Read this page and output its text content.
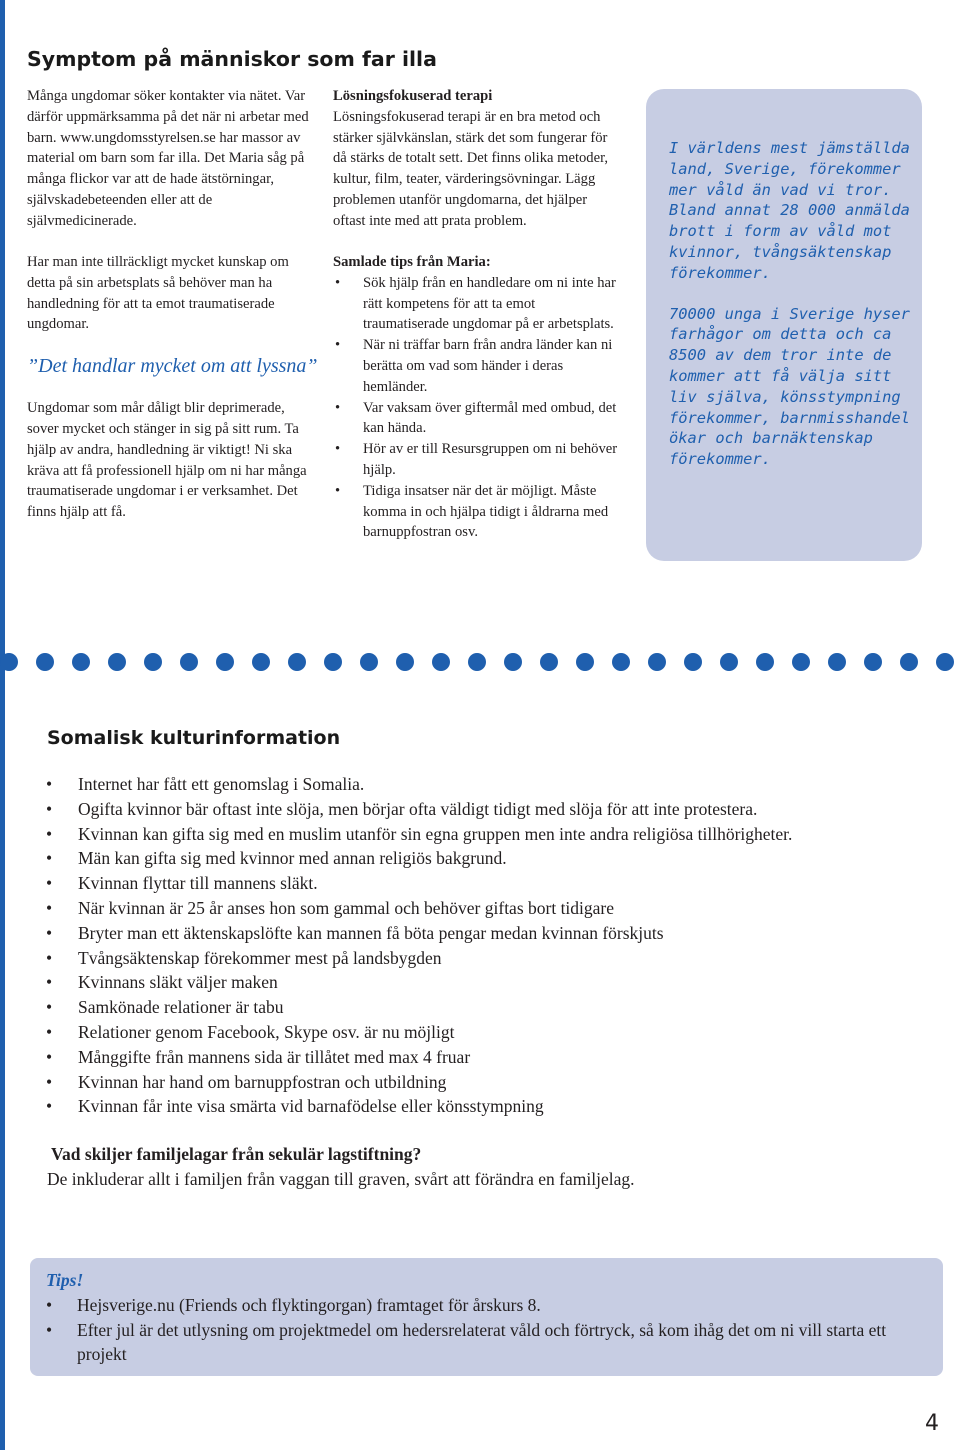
Symptom på människor som far illa

Många ungdomar söker kontakter via nätet. Var därför uppmärksamma på det när ni arbetar med barn. www.ungdomsstyrelsen.se har massor av material om barn som far illa. Det Maria såg på många flickor var att de hade ätstörningar, självskadebeteenden eller att de självmedicinerade.

Har man inte tillräckligt mycket kunskap om detta på sin arbetsplats så behöver man ha handledning för att ta emot traumatiserade ungdomar.

”Det handlar mycket om att lyssna”

Ungdomar som mår dåligt blir deprimerade, sover mycket och stänger in sig på sitt rum. Ta hjälp av andra, handledning är viktigt! Ni ska kräva att få professionell hjälp om ni har många traumatiserade ungdomar i er verksamhet. Det finns hjälp att få.

Lösningsfokuserad terapi

Lösningsfokuserad terapi är en bra metod och stärker självkänslan, stärk det som fungerar för då stärks de totalt sett. Det finns olika metoder, kultur, film, teater, värderingsövningar. Lägg problemen utanför ungdomarna, det hjälper oftast inte med att prata problem.

Samlade tips från Maria:

• Sök hjälp från en handledare om ni inte har rätt kompetens för att ta emot traumatiserade ungdomar på er arbetsplats.
• När ni träffar barn från andra länder kan ni berätta om vad som händer i deras hemländer.
• Var vaksam över giftermål med ombud, det kan hända.
• Hör av er till Resursgruppen om ni behöver hjälp.
• Tidiga insatser när det är möjligt. Måste komma in och hjälpa tidigt i åldrarna med barnuppfostran osv.

I världens mest jämställda land, Sverige, förekommer mer våld än vad vi tror. Bland annat 28 000 anmälda brott i form av våld mot kvinnor, tvångsäktenskap förekommer.

70000 unga i Sverige hyser farhågor om detta och ca 8500 av dem tror inte de kommer att få välja sitt liv själva, könsstympning förekommer, barnmisshandel ökar och barnäktenskap förekommer.

Somalisk kulturinformation
• Internet har fått ett genomslag i Somalia.
• Ogifta kvinnor bär oftast inte slöja, men börjar ofta väldigt tidigt med slöja för att inte protestera.
• Kvinnan kan gifta sig med en muslim utanför sin egna gruppen men inte andra religiösa tillhörigheter.
• Män kan gifta sig med kvinnor med annan religiös bakgrund.
• Kvinnan flyttar till mannens släkt.
• När kvinnan är 25 år anses hon som gammal och behöver giftas bort tidigare
• Bryter man ett äktenskapslöfte kan mannen få böta pengar medan kvinnan förskjuts
• Tvångsäktenskap förekommer mest på landsbygden
• Kvinnans släkt väljer maken
• Samkönade relationer är tabu
• Relationer genom Facebook, Skype osv. är nu möjligt
• Månggifte från mannens sida är tillåtet med max 4 fruar
• Kvinnan har hand om barnuppfostran och utbildning
• Kvinnan får inte visa smärta vid barnafödelse eller könsstympning

Vad skiljer familjelagar från sekulär lagstiftning?

De inkluderar allt i familjen från vaggan till graven, svårt att förändra en familjelag.

Tips!

• Hejsverige.nu (Friends och flyktingorgan) framtaget för årskurs 8.
• Efter jul är det utlysning om projektmedel om hedersrelaterat våld och förtryck, så kom ihåg det om ni vill starta ett projekt

4
